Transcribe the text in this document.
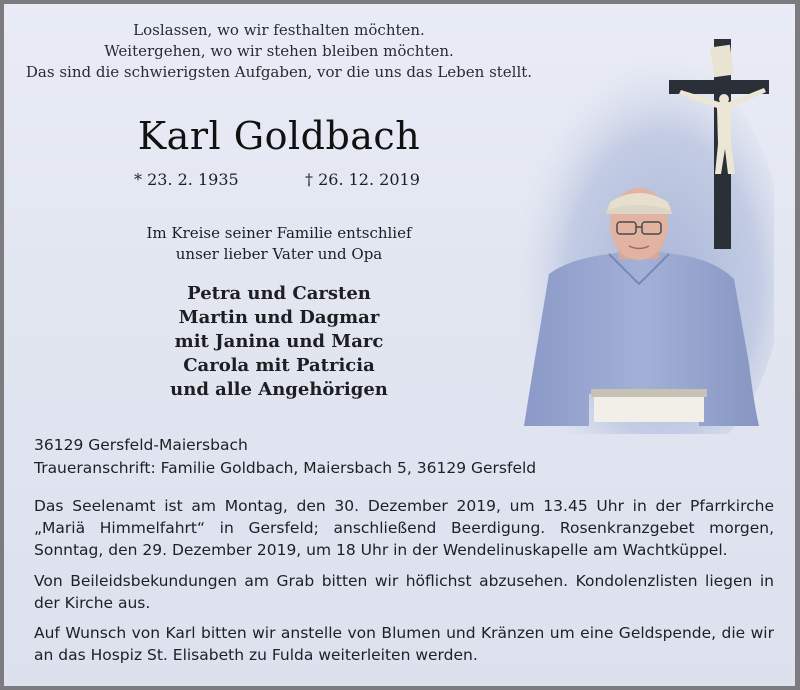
Loslassen, wo wir festhalten möchten.
Weitergehen, wo wir stehen bleiben möchten.
Das sind die schwierigsten Aufgaben, vor die uns das Leben stellt.
Karl Goldbach
* 23. 2. 1935	† 26. 12. 2019
Im Kreise seiner Familie entschlief
unser lieber Vater und Opa
Petra und Carsten
Martin und Dagmar
mit Janina und Marc
Carola mit Patricia
und alle Angehörigen
36129 Gersfeld-Maiersbach
Traueranschrift: Familie Goldbach, Maiersbach 5, 36129 Gersfeld
Das Seelenamt ist am Montag, den 30. Dezember 2019, um 13.45 Uhr in der Pfarrkirche „Mariä Himmelfahrt“ in Gersfeld; anschließend Beerdigung. Rosenkranzgebet morgen, Sonntag, den 29. Dezember 2019, um 18 Uhr in der Wendelinuskapelle am Wachtküppel.
Von Beileidsbekundungen am Grab bitten wir höflichst abzusehen. Kondolenzlisten liegen in der Kirche aus.
Auf Wunsch von Karl bitten wir anstelle von Blumen und Kränzen um eine Geldspende, die wir an das Hospiz St. Elisabeth zu Fulda weiterleiten werden.
